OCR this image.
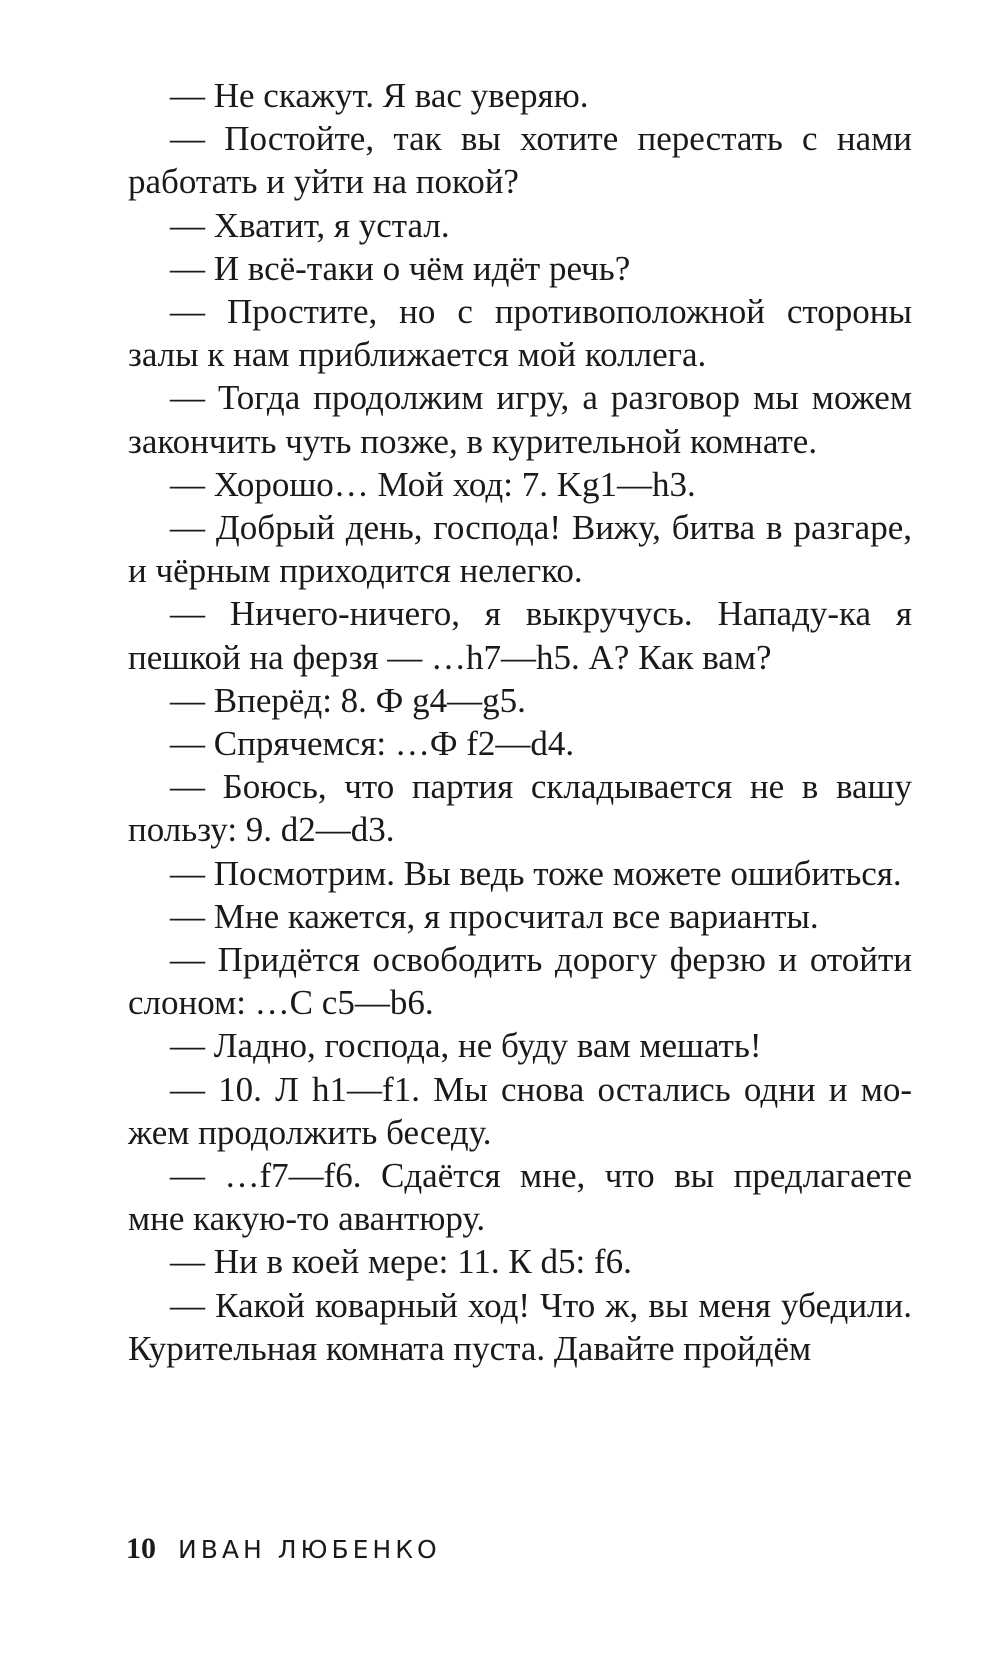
— Не скажут. Я вас уверяю.

— Постойте, так вы хотите перестать с нами работать и уйти на покой?

— Хватит, я устал.

— И всё-таки о чём идёт речь?

— Простите, но с противоположной стороны залы к нам приближается мой коллега.

— Тогда продолжим игру, а разговор мы можем закончить чуть позже, в курительной комнате.

— Хорошо… Мой ход: 7. Kg1—h3.

— Добрый день, господа! Вижу, битва в разгаре, и чёрным приходится нелегко.

— Ничего-ничего, я выкручусь. Нападу-ка я пешкой на ферзя — …h7—h5. А? Как вам?

— Вперёд: 8. Ф g4—g5.

— Спрячемся: …Ф f2—d4.

— Боюсь, что партия складывается не в вашу пользу: 9. d2—d3.

— Посмотрим. Вы ведь тоже можете ошибиться.

— Мне кажется, я просчитал все варианты.

— Придётся освободить дорогу ферзю и отойти слоном: …С c5—b6.

— Ладно, господа, не буду вам мешать!

— 10. Л h1—f1. Мы снова остались одни и можем продолжить беседу.

— …f7—f6. Сдаётся мне, что вы предлагаете мне какую-то авантюру.

— Ни в коей мере: 11. К d5: f6.

— Какой коварный ход! Что ж, вы меня убедили. Курительная комната пуста. Давайте пройдём

10 ИВАН ЛЮБЕНКО
